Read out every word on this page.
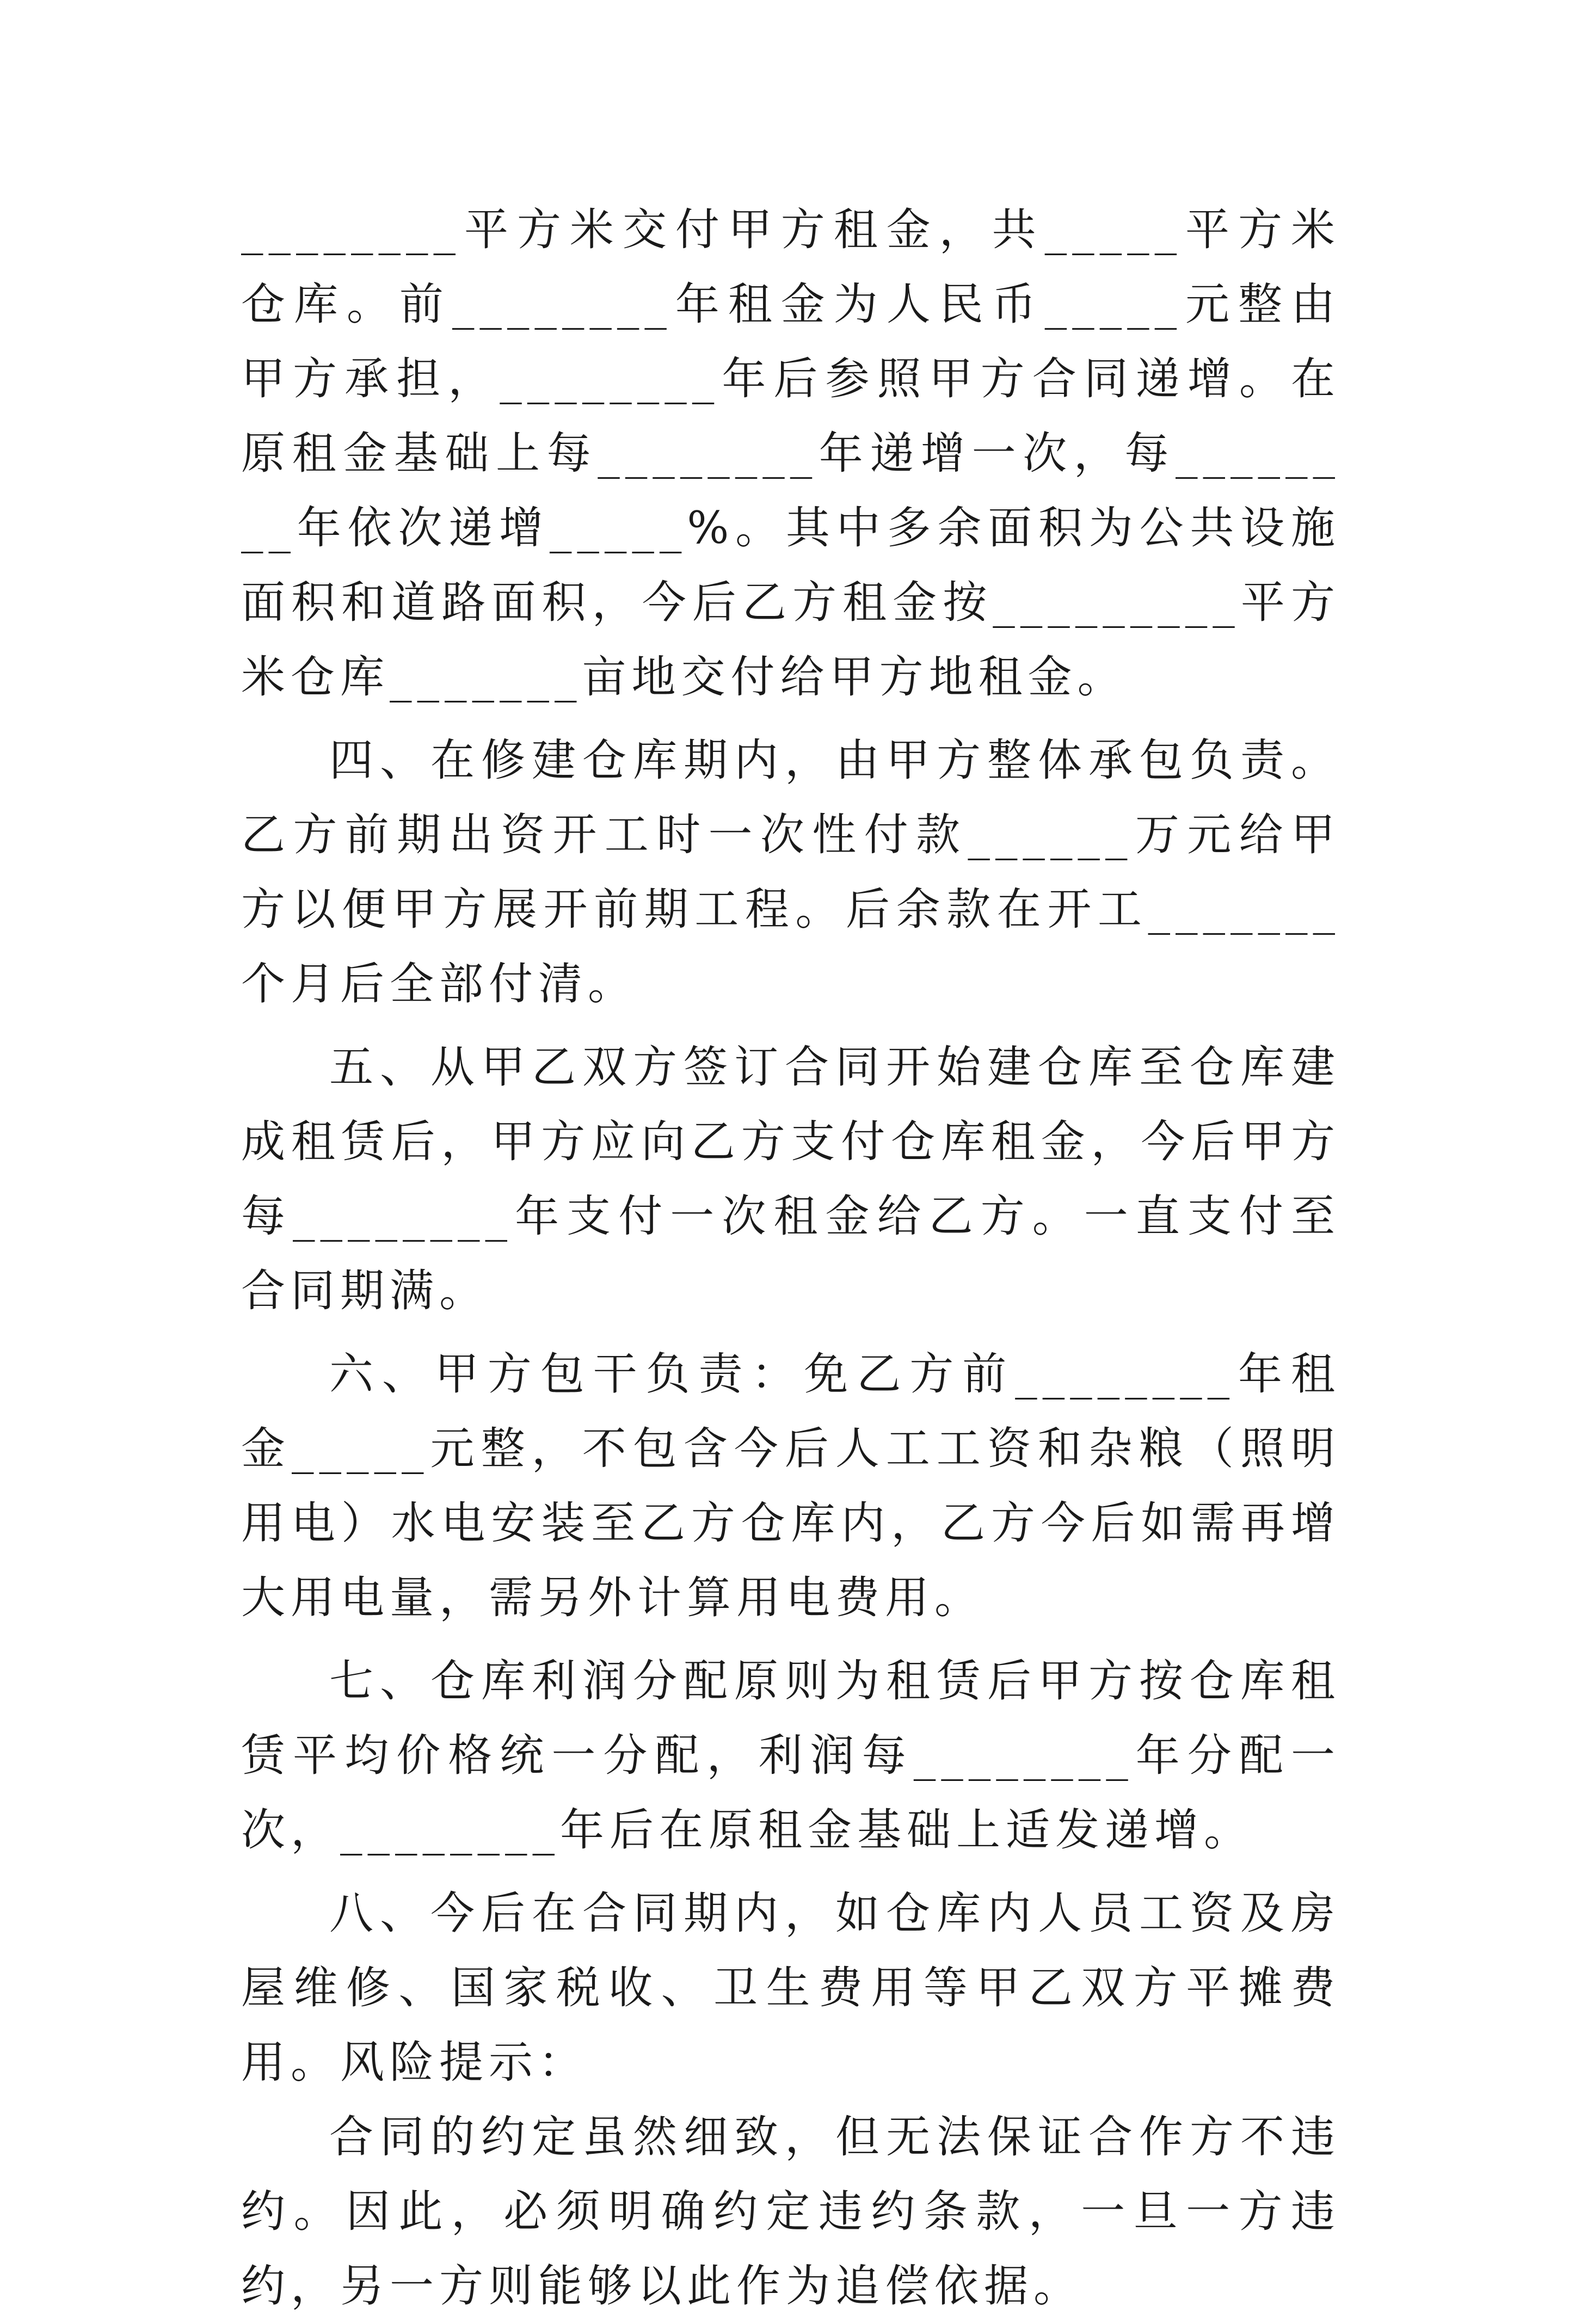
________平方米交付甲方租金，共_____平方米仓库。前________年租金为人民币_____元整由甲方承担，________年后参照甲方合同递增。在原租金基础上每________年递增一次，每________年依次递增_____%。其中多余面积为公共设施面积和道路面积，今后乙方租金按_________平方米仓库_______亩地交付给甲方地租金。

四、在修建仓库期内，由甲方整体承包负责。乙方前期出资开工时一次性付款______万元给甲方以便甲方展开前期工程。后余款在开工_______个月后全部付清。

五、从甲乙双方签订合同开始建仓库至仓库建成租赁后，甲方应向乙方支付仓库租金，今后甲方每________年支付一次租金给乙方。一直支付至合同期满。

六、甲方包干负责：免乙方前________年租金_____元整，不包含今后人工工资和杂粮（照明用电）水电安装至乙方仓库内，乙方今后如需再增大用电量，需另外计算用电费用。

七、仓库利润分配原则为租赁后甲方按仓库租赁平均价格统一分配，利润每________年分配一次，________年后在原租金基础上适发递增。

八、今后在合同期内，如仓库内人员工资及房屋维修、国家税收、卫生费用等甲乙双方平摊费用。风险提示：

合同的约定虽然细致，但无法保证合作方不违约。因此，必须明确约定违约条款，一旦一方违约，另一方则能够以此作为追偿依据。
